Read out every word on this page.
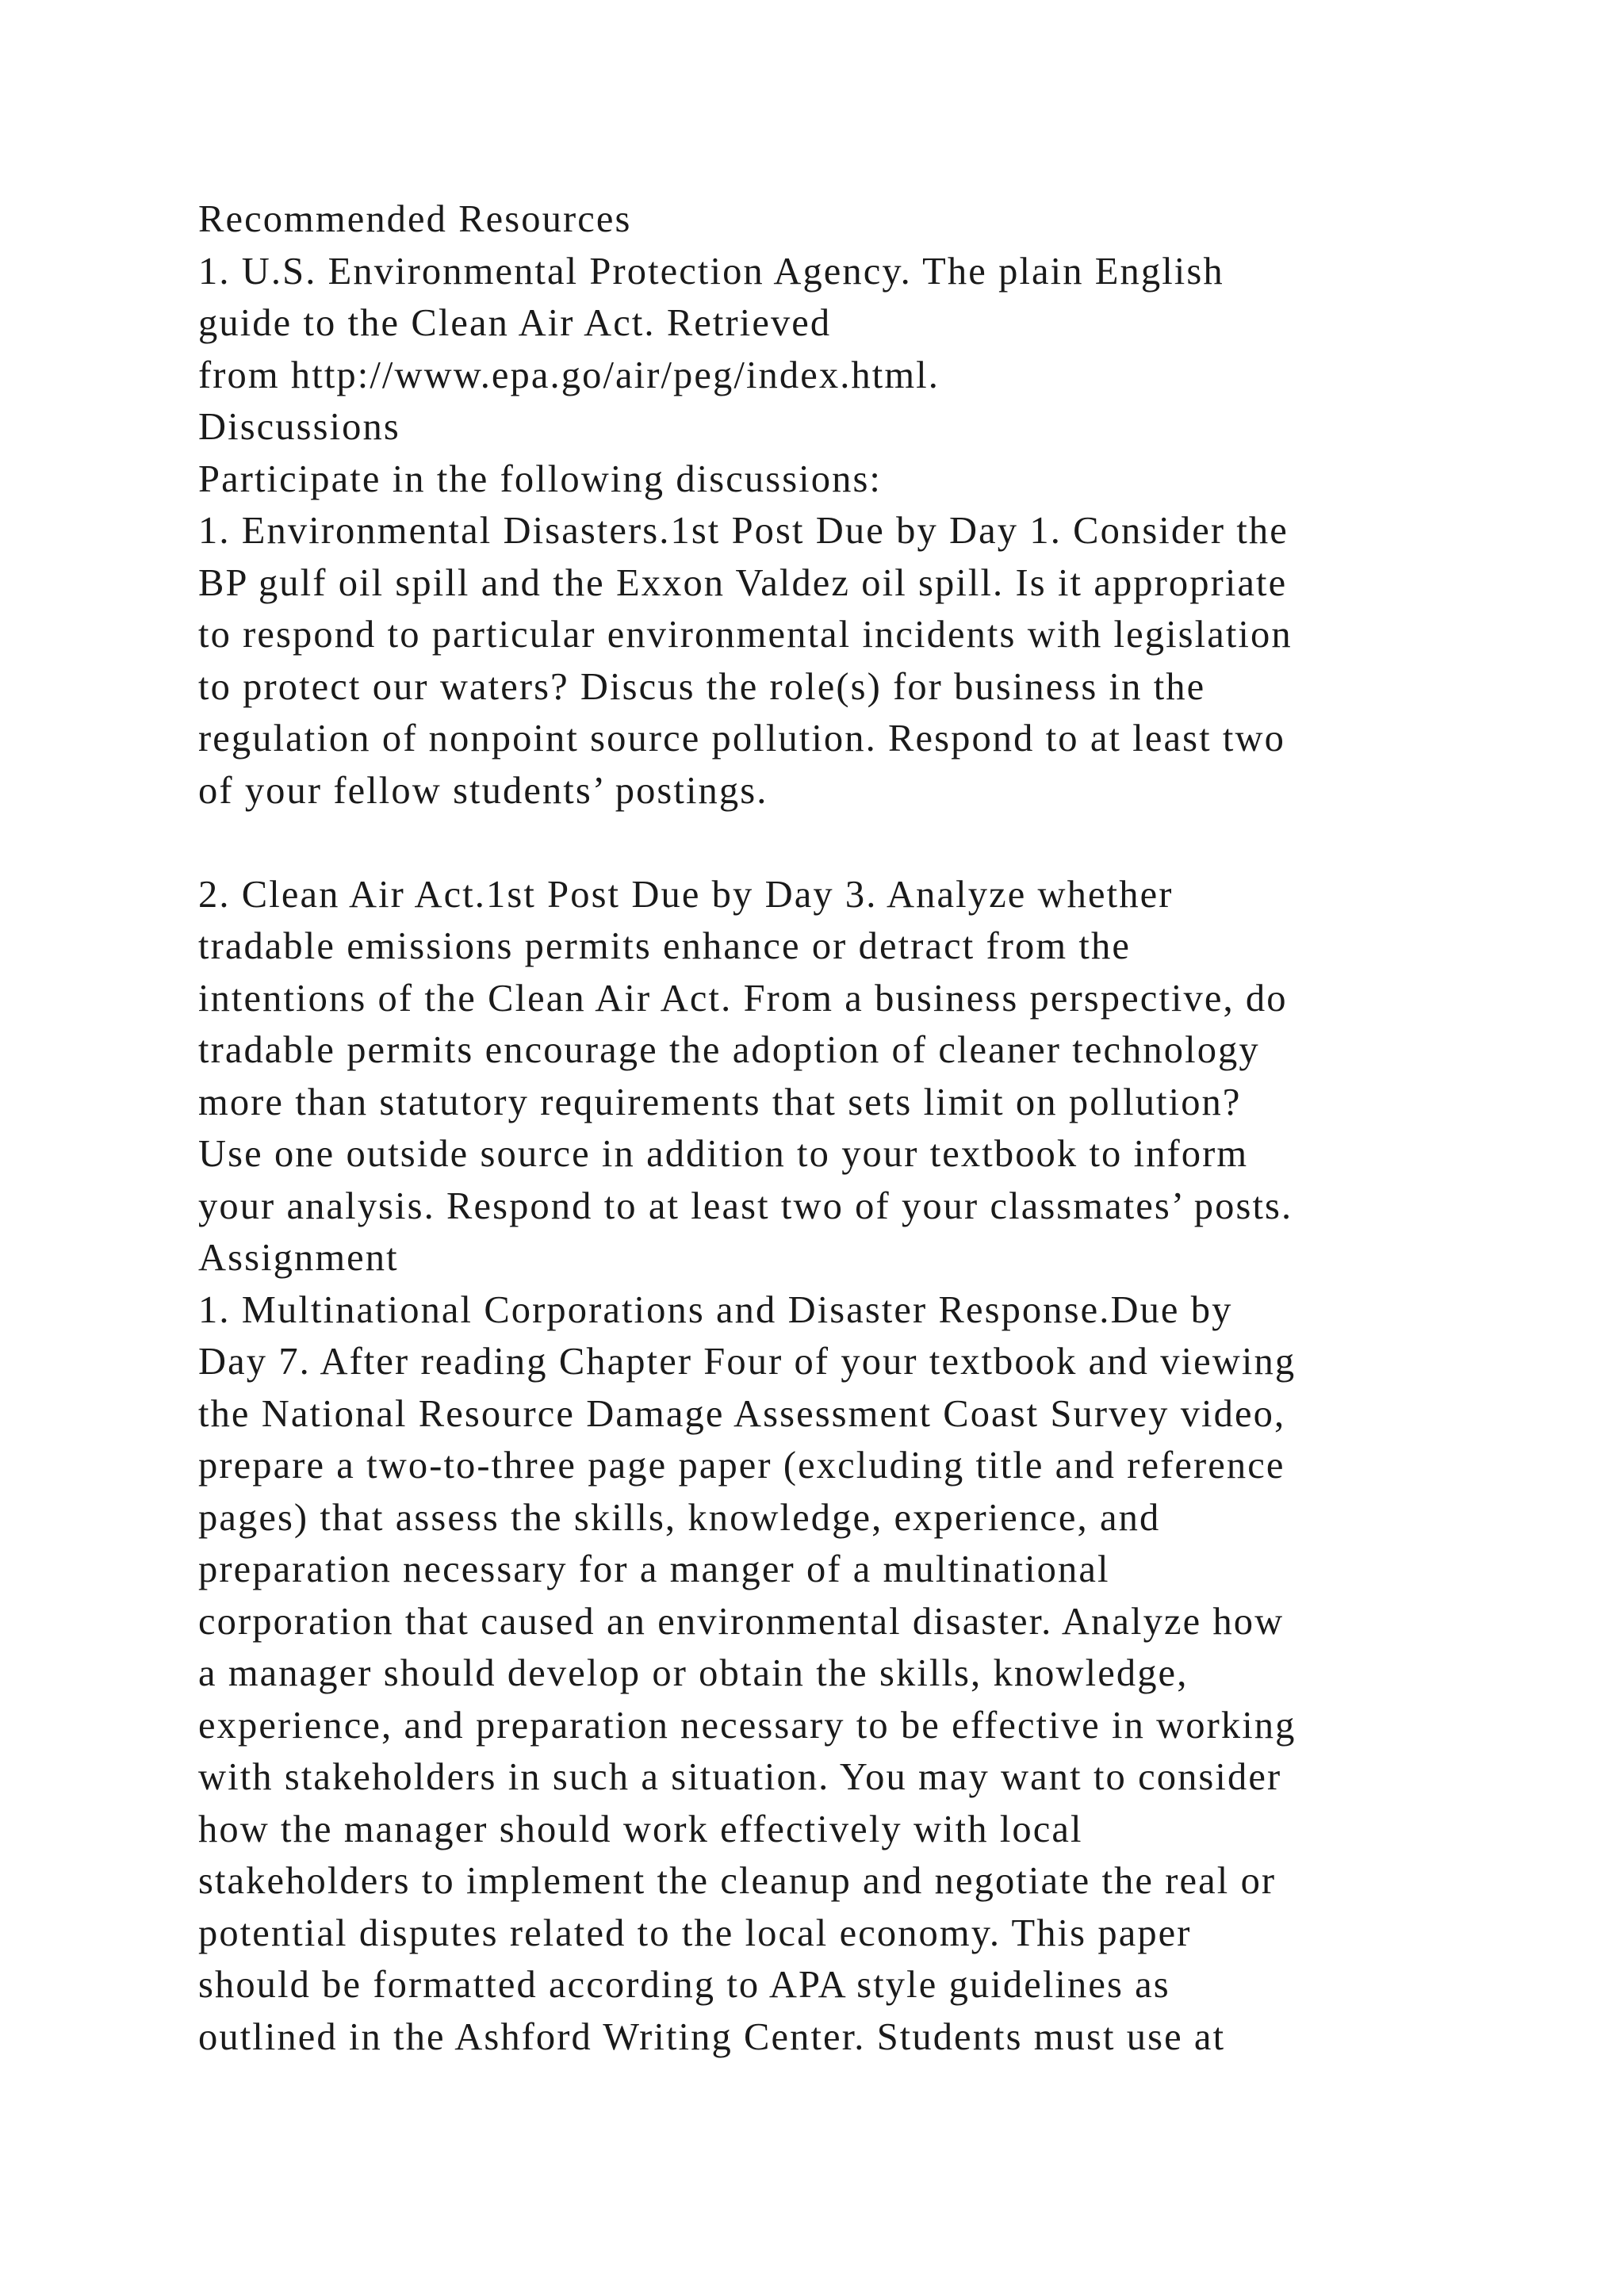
Recommended Resources
1. U.S. Environmental Protection Agency. The plain English
guide to the Clean Air Act. Retrieved
from http://www.epa.go/air/peg/index.html.
Discussions
Participate in the following discussions:
1. Environmental Disasters.1st Post Due by Day 1. Consider the
BP gulf oil spill and the Exxon Valdez oil spill. Is it appropriate
to respond to particular environmental incidents with legislation
to protect our waters? Discus the role(s) for business in the
regulation of nonpoint source pollution. Respond to at least two
of your fellow students’ postings.
2. Clean Air Act.1st Post Due by Day 3. Analyze whether
tradable emissions permits enhance or detract from the
intentions of the Clean Air Act. From a business perspective, do
tradable permits encourage the adoption of cleaner technology
more than statutory requirements that sets limit on pollution?
Use one outside source in addition to your textbook to inform
your analysis. Respond to at least two of your classmates’ posts.
Assignment
1. Multinational Corporations and Disaster Response.Due by
Day 7. After reading Chapter Four of your textbook and viewing
the National Resource Damage Assessment Coast Survey video,
prepare a two-to-three page paper (excluding title and reference
pages) that assess the skills, knowledge, experience, and
preparation necessary for a manger of a multinational
corporation that caused an environmental disaster. Analyze how
a manager should develop or obtain the skills, knowledge,
experience, and preparation necessary to be effective in working
with stakeholders in such a situation. You may want to consider
how the manager should work effectively with local
stakeholders to implement the cleanup and negotiate the real or
potential disputes related to the local economy. This paper
should be formatted according to APA style guidelines as
outlined in the Ashford Writing Center. Students must use at
